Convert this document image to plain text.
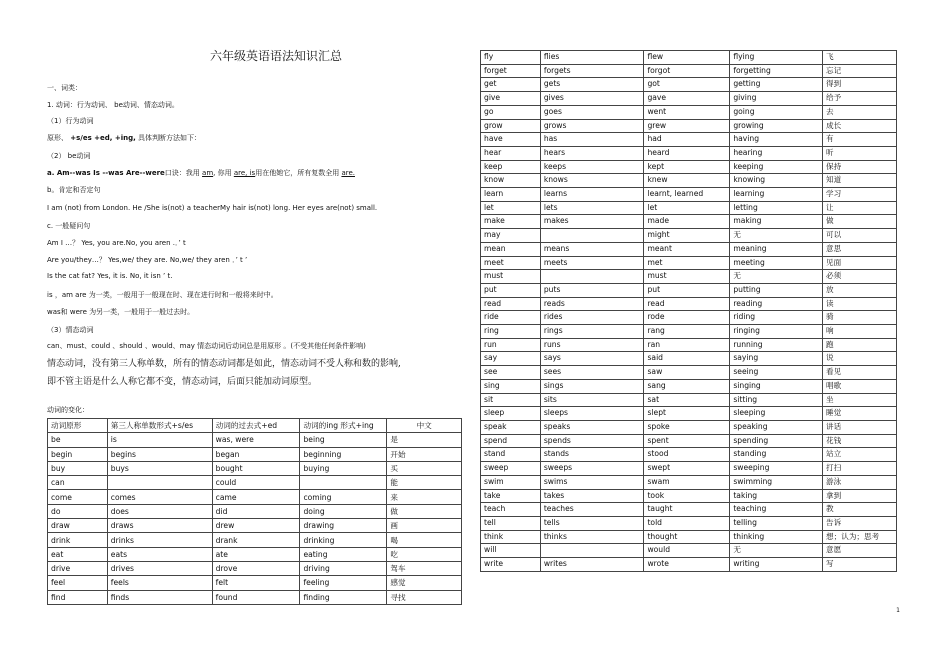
六年级英语语法知识汇总
一、词类：
1. 动词：行为动词、 be动词、情态动词。
（1）行为动词
原形、 +s/es +ed, +ing, 具体判断方法如下：
（2） be动词
a. Am--was Is --was Are--were口诀：我用 am, 你用 are, is用在他她它，所有复数全用 are.
b。肯定和否定句
I am (not) from London. He /She is(not) a teacherMy hair is(not) long. Her eyes are(not) small.
c. 一般疑问句
Am I …？ Yes, you are.No, you aren .．’ t
Are you/they…？ Yes,we/ they are. No,we/ they aren ．’ t ’
Is the cat fat? Yes, it is. No, it isn ’ t.
is ，am are 为一类，一般用于一般现在时、现在进行时和一般将来时中。
was和 were 为另一类，一般用于一般过去时。
（3）情态动词
can、must、could 、should 、would、may 情态动词后动词总是用原形 。(不受其他任何条件影响)
情态动词，没有第三人称单数，所有的情态动词都是如此，情态动词不受人称和数的影响,
即不管主语是什么人称它都不变，情态动词，后面只能加动词原型。
动词的变化：
动词原形	第三人称单数形式+s/es	动词的过去式+ed	动词的ing 形式+ing	中文
be	is	was, were	being	是
begin	begins	began	beginning	开始
buy	buys	bought	buying	买
can		could		能
come	comes	came	coming	来
do	does	did	doing	做
draw	draws	drew	drawing	画
drink	drinks	drank	drinking	喝
eat	eats	ate	eating	吃
drive	drives	drove	driving	驾车
feel	feels	felt	feeling	感觉
find	finds	found	finding	寻找
fly	flies	flew	flying	飞
forget	forgets	forgot	forgetting	忘记
get	gets	got	getting	得到
give	gives	gave	giving	给予
go	goes	went	going	去
grow	grows	grew	growing	成长
have	has	had	having	有
hear	hears	heard	hearing	听
keep	keeps	kept	keeping	保持
know	knows	knew	knowing	知道
learn	learns	learnt, learned	learning	学习
let	lets	let	letting	让
make	makes	made	making	做
may		might	无	可以
mean	means	meant	meaning	意思
meet	meets	met	meeting	见面
must		must	无	必须
put	puts	put	putting	放
read	reads	read	reading	读
ride	rides	rode	riding	骑
ring	rings	rang	ringing	响
run	runs	ran	running	跑
say	says	said	saying	说
see	sees	saw	seeing	看见
sing	sings	sang	singing	唱歌
sit	sits	sat	sitting	坐
sleep	sleeps	slept	sleeping	睡觉
speak	speaks	spoke	speaking	讲话
spend	spends	spent	spending	花钱
stand	stands	stood	standing	站立
sweep	sweeps	swept	sweeping	打扫
swim	swims	swam	swimming	游泳
take	takes	took	taking	拿到
teach	teaches	taught	teaching	教
tell	tells	told	telling	告诉
think	thinks	thought	thinking	想；认为；思考
will		would	无	意愿
write	writes	wrote	writing	写
1
